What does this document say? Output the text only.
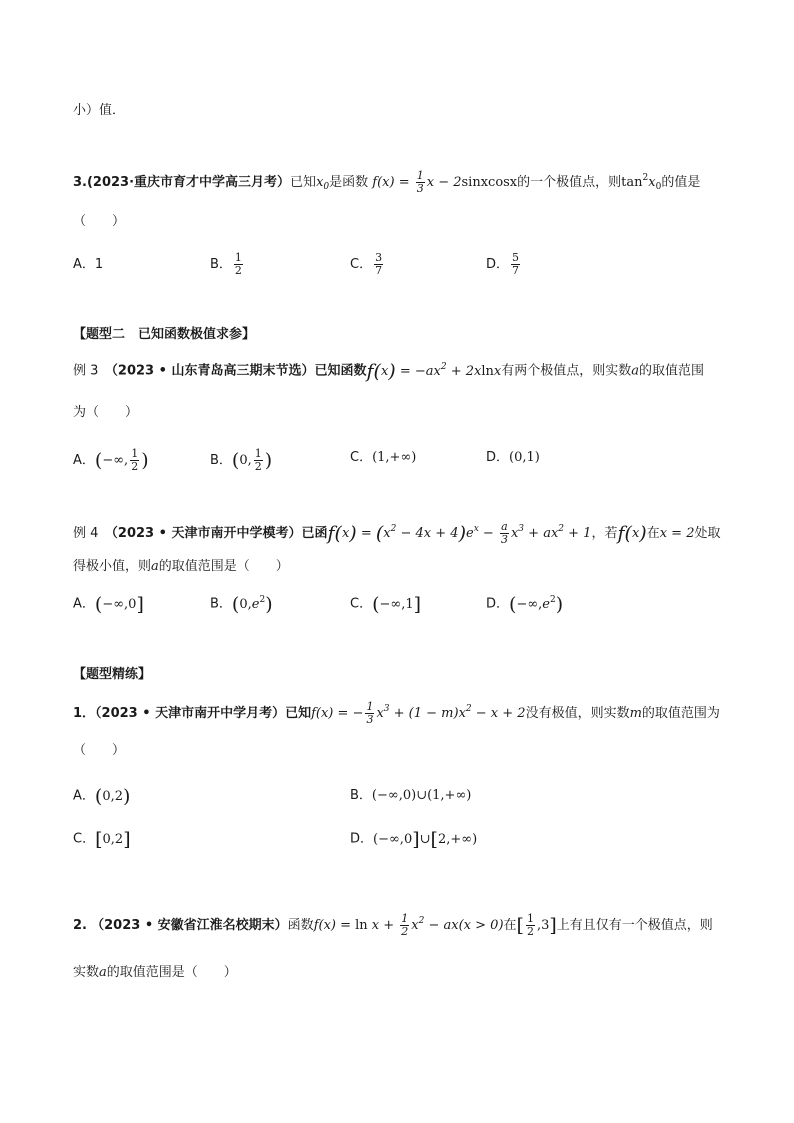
小）值．
3.(2023·重庆市育才中学高三月考）已知$x_0$是函数 $f(x) = \frac{1}{3}$ x − 2sinxcosx的一个极值点，则$\tan^2x_0$的值是
（　　）
A．1	B． $\frac{1}{2}$	C． $\frac{3}{7}$	D． $\frac{5}{7}$
【题型二　已知函数极值求参】
例 3　 （2023 • 山东青岛高三期末节选）已知函数$f(x) = -ax^2 + 2xlnx$有两个极值点，则实数a的取值范围
为（　　）
A．(−∞, $\frac{1}{2}$ )	B．(0, $\frac{1}{2}$ )	C．(1,+∞)	D．(0,1)
例 4　 （2023 • 天津市南开中学模考）已函$f(x) = (x^2 - 4x + 4)e^x - \frac{a}{3} x^3 + ax^2 + 1$，若f(x)在x = 2处取
得极小值，则a的取值范围是（　　）
A．(−∞,0]	B．$(0,e^2)$	C．(−∞,1]	D．$(-\infty,e^2)$
【题型精练】
1．（2023 • 天津市南开中学月考）已知f(x) = − $\frac{1}{3} x^3 + (1 - m)x^2 - x + 2$没有极值，则实数m的取值范围为
（　　）
A．(0,2)	B．(−∞,0)∪(1,+∞)
C．[0,2]	D．(−∞,0]∪[2,+∞)
2. （2023 • 安徽省江淮名校期末）函数$f(x) = \ln x + \frac{1}{2} x^2 - ax(x > 0)$在[ $\frac{1}{2} ,3$]上有且仅有一个极值点，则
实数a的取值范围是（　　）
